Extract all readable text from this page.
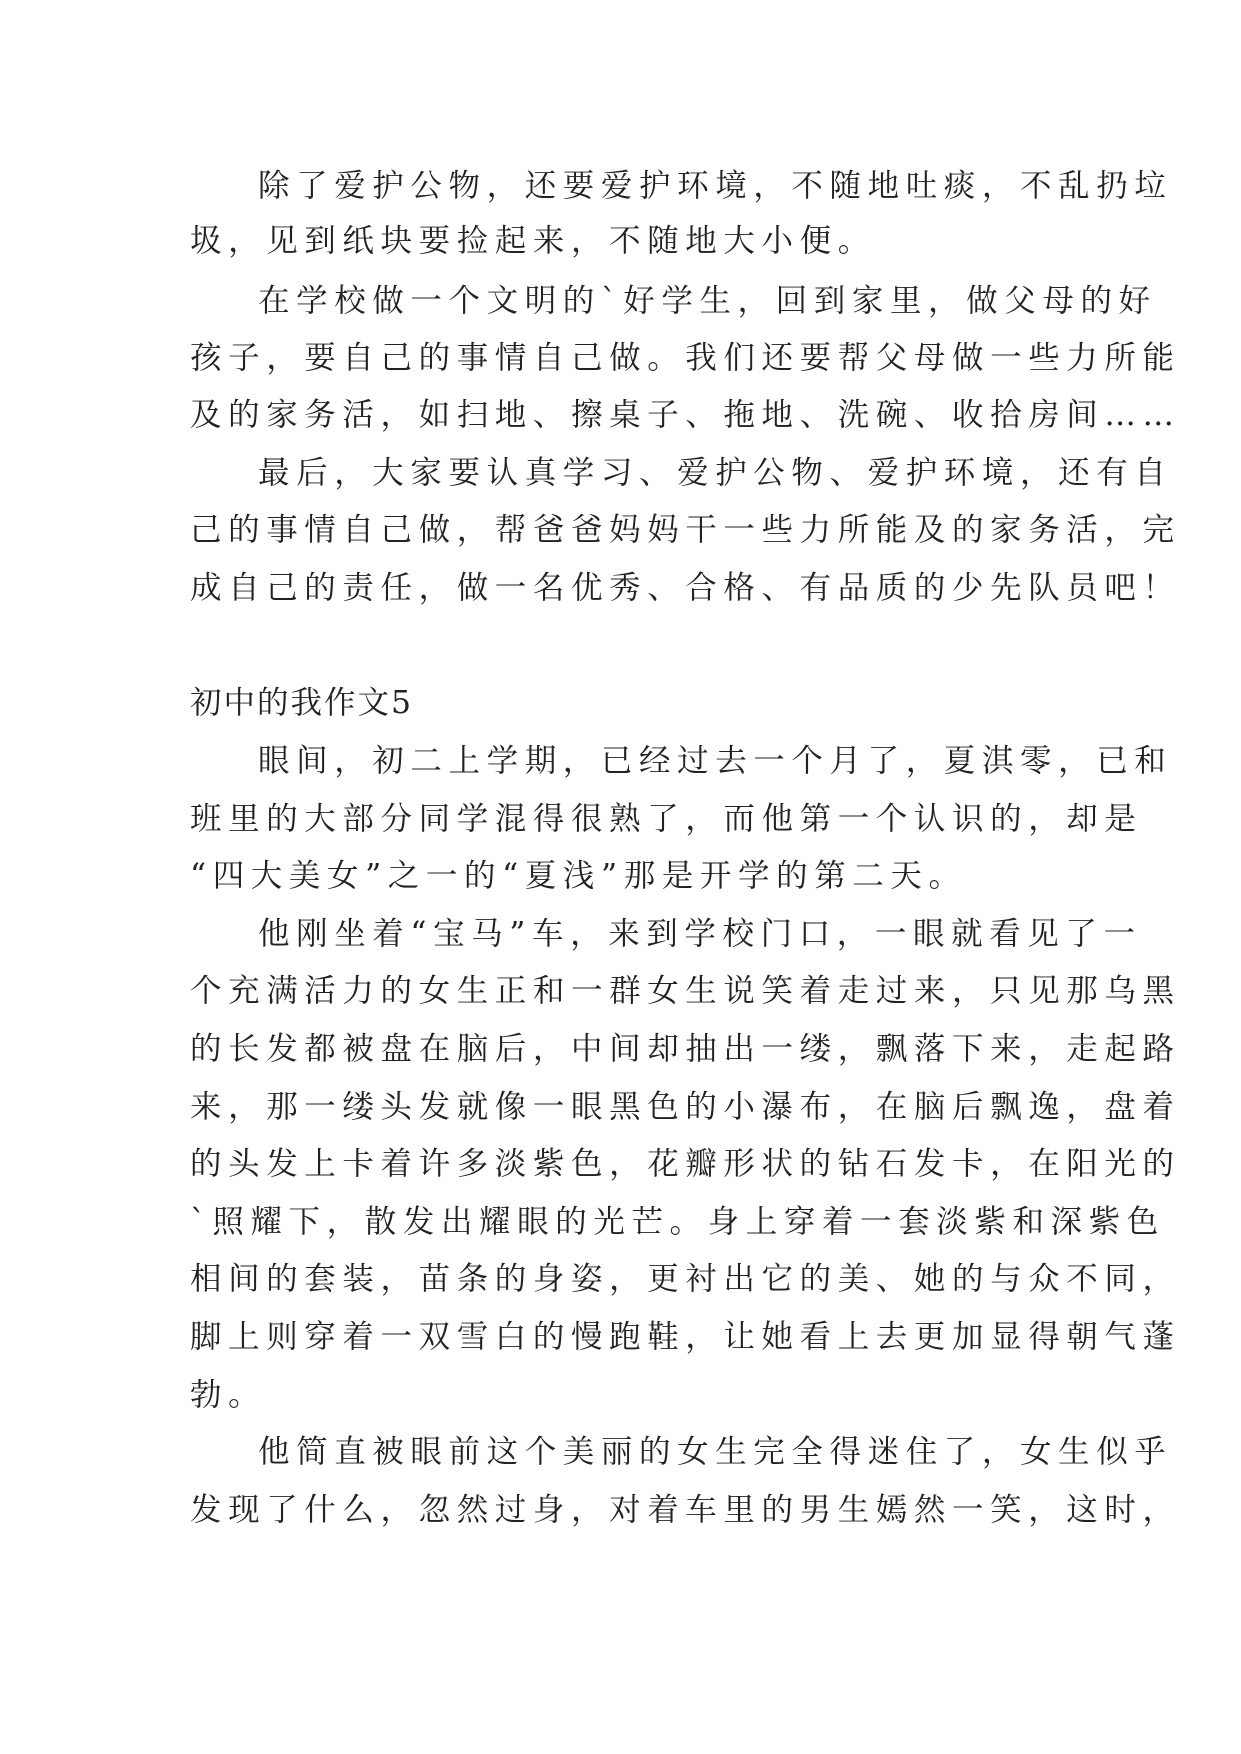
除了爱护公物，还要爱护环境，不随地吐痰，不乱扔垃
圾，见到纸块要捡起来，不随地大小便。
在学校做一个文明的`好学生，回到家里，做父母的好
孩子，要自己的事情自己做。我们还要帮父母做一些力所能
及的家务活，如扫地、擦桌子、拖地、洗碗、收拾房间……
最后，大家要认真学习、爱护公物、爱护环境，还有自
己的事情自己做，帮爸爸妈妈干一些力所能及的家务活，完
成自己的责任，做一名优秀、合格、有品质的少先队员吧！
初中的我作文5
眼间，初二上学期，已经过去一个月了，夏淇零，已和
班里的大部分同学混得很熟了，而他第一个认识的，却是
“四大美女”之一的“夏浅”那是开学的第二天。
他刚坐着“宝马”车，来到学校门口，一眼就看见了一
个充满活力的女生正和一群女生说笑着走过来，只见那乌黑
的长发都被盘在脑后，中间却抽出一缕，飘落下来，走起路
来，那一缕头发就像一眼黑色的小瀑布，在脑后飘逸，盘着
的头发上卡着许多淡紫色，花瓣形状的钻石发卡，在阳光的
`照耀下，散发出耀眼的光芒。身上穿着一套淡紫和深紫色
相间的套装，苗条的身姿，更衬出它的美、她的与众不同，
脚上则穿着一双雪白的慢跑鞋，让她看上去更加显得朝气蓬
勃。
他简直被眼前这个美丽的女生完全得迷住了，女生似乎
发现了什么，忽然过身，对着车里的男生嫣然一笑，这时，
